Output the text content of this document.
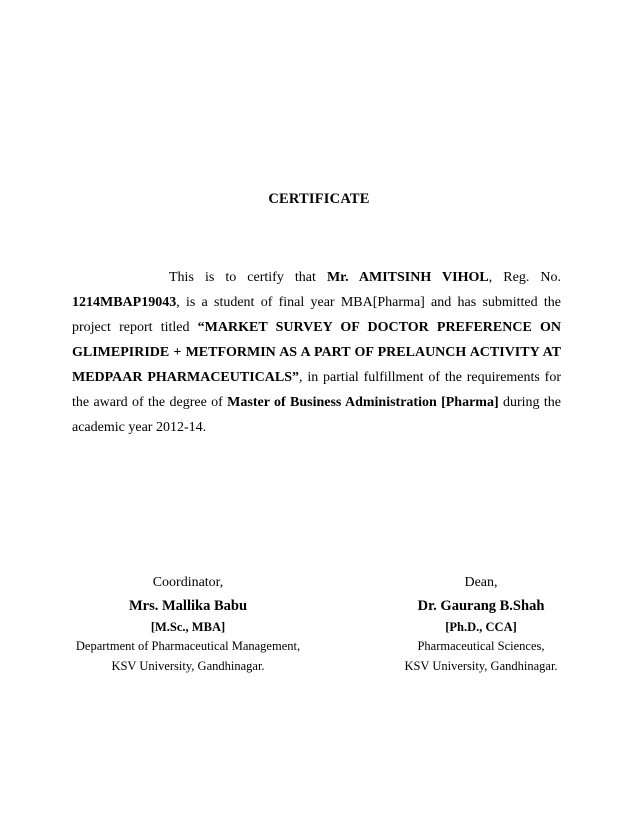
CERTIFICATE
This is to certify that Mr. AMITSINH VIHOL, Reg. No. 1214MBAP19043, is a student of final year MBA[Pharma] and has submitted the project report titled “MARKET SURVEY OF DOCTOR PREFERENCE ON GLIMEPIRIDE + METFORMIN AS A PART OF PRELAUNCH ACTIVITY AT MEDPAAR PHARMACEUTICALS”, in partial fulfillment of the requirements for the award of the degree of Master of Business Administration [Pharma] during the academic year 2012-14.
Coordinator,
Mrs. Mallika Babu
[M.Sc., MBA]
Department of Pharmaceutical Management,
KSV University, Gandhinagar.
Dean,
Dr. Gaurang B.Shah
[Ph.D., CCA]
Pharmaceutical Sciences,
KSV University, Gandhinagar.
